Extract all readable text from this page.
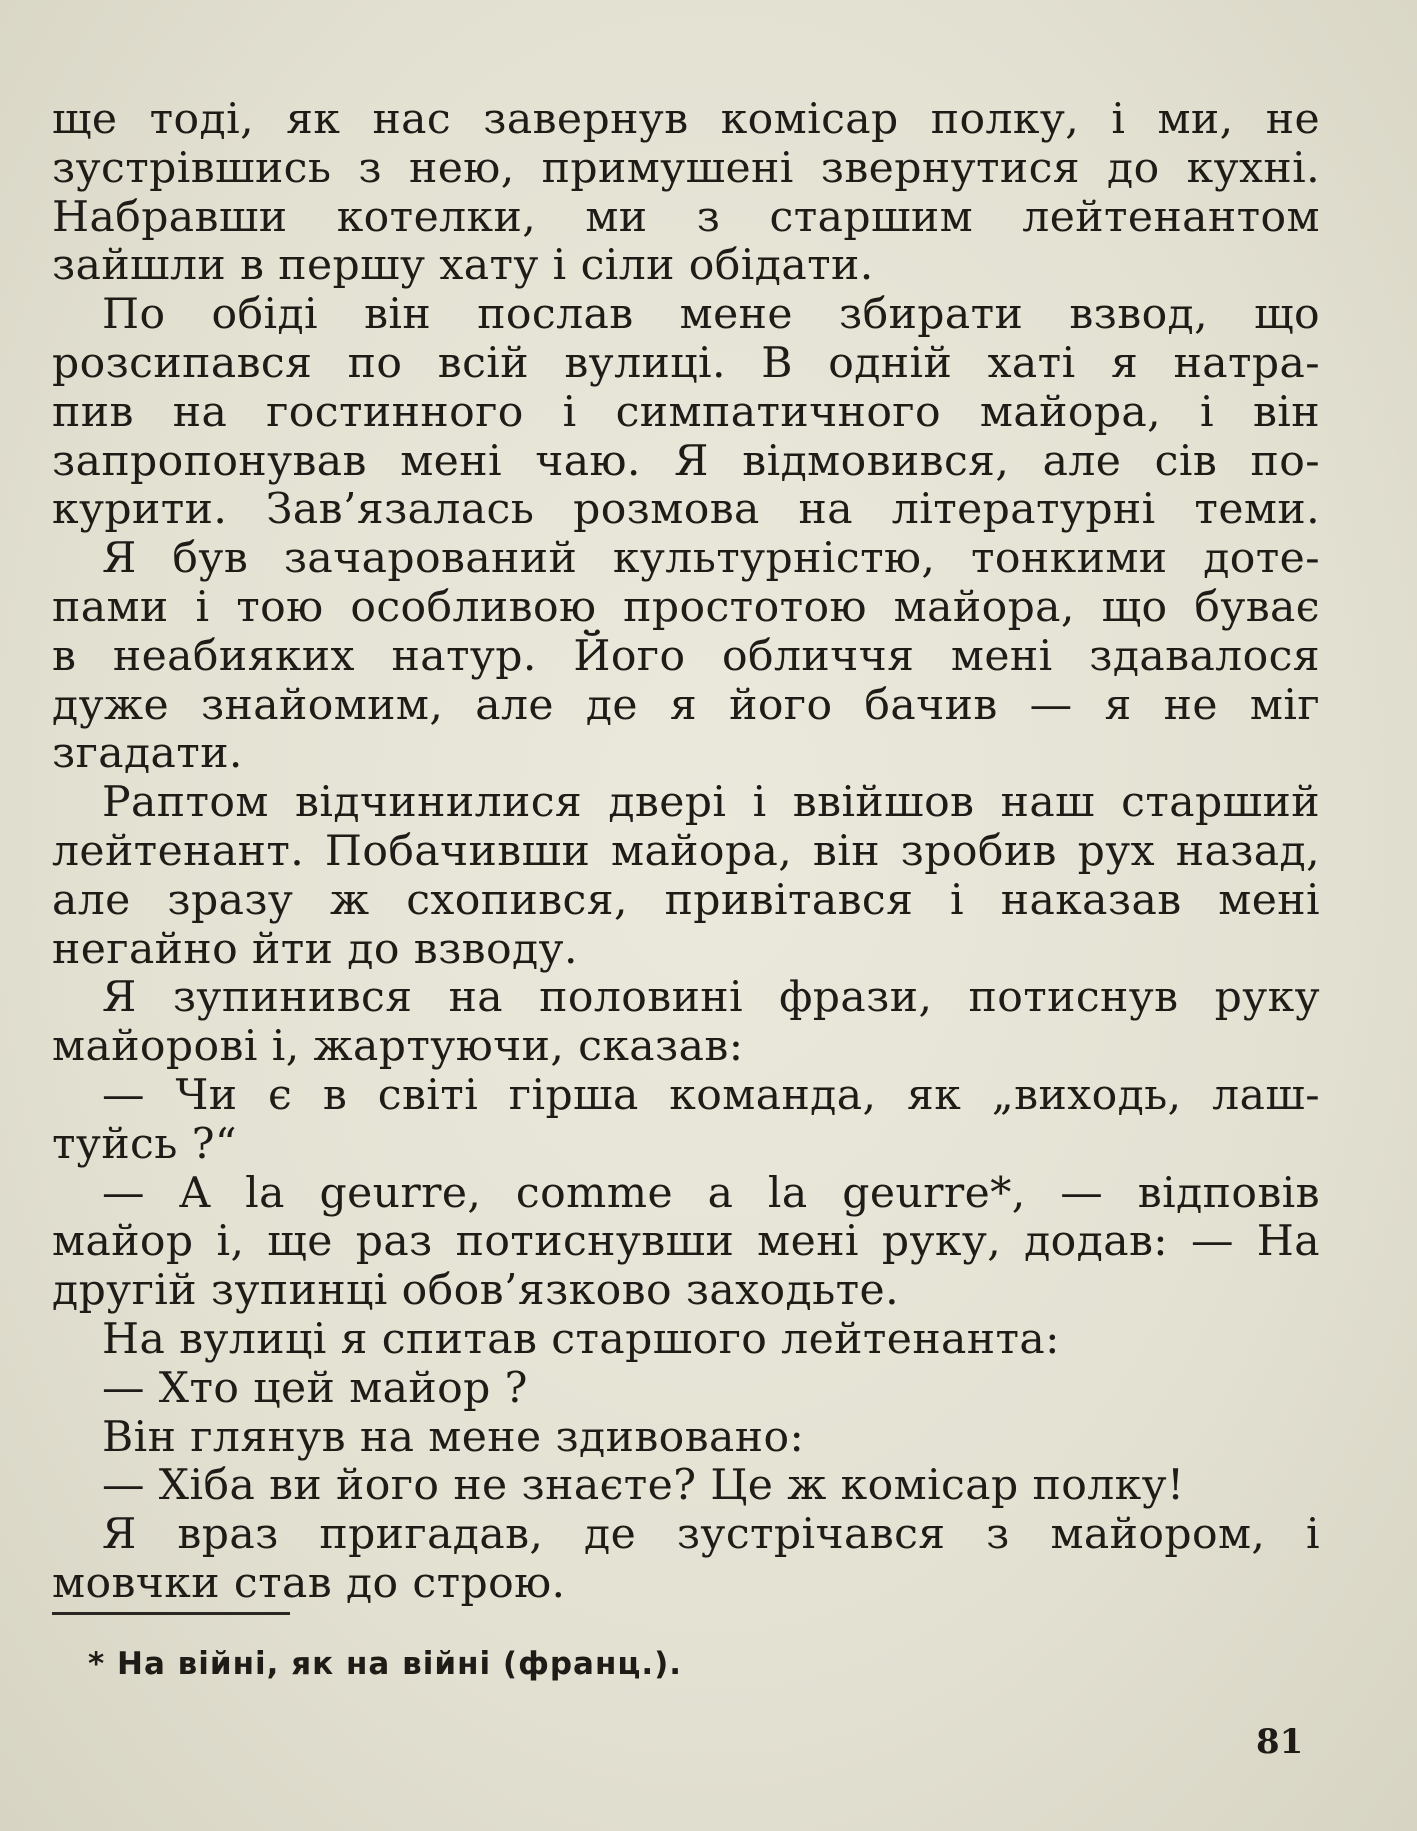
ще тоді, як нас завернув комісар полку, і ми, не
зустрівшись з нею, примушені звернутися до кухні.
Набравши котелки, ми з старшим лейтенантом
зайшли в першу хату і сіли обідати.
По обіді він послав мене збирати взвод, що
розсипався по всій вулиці. В одній хаті я натра-
пив на гостинного і симпатичного майора, і він
запропонував мені чаю. Я відмовився, але сів по-
курити. Зав’язалась розмова на літературні теми.
Я був зачарований культурністю, тонкими доте-
пами і тою особливою простотою майора, що буває
в неабияких натур. Його обличчя мені здавалося
дуже знайомим, але де я його бачив — я не міг
згадати.
Раптом відчинилися двері і ввійшов наш старший
лейтенант. Побачивши майора, він зробив рух назад,
але зразу ж схопився, привітався і наказав мені
негайно йти до взводу.
Я зупинився на половині фрази, потиснув руку
майорові і, жартуючи, сказав:
— Чи є в світі гірша команда, як „виходь, лаш-
туйсь ?“
— A la geurre, comme a la geurre*, — відповів
майор і, ще раз потиснувши мені руку, додав: — На
другій зупинці обов’язково заходьте.
На вулиці я спитав старшого лейтенанта:
— Хто цей майор ?
Він глянув на мене здивовано:
— Хіба ви його не знаєте? Це ж комісар полку!
Я враз пригадав, де зустрічався з майором, і
мовчки став до строю.
* На війні, як на війні (франц.).
81
